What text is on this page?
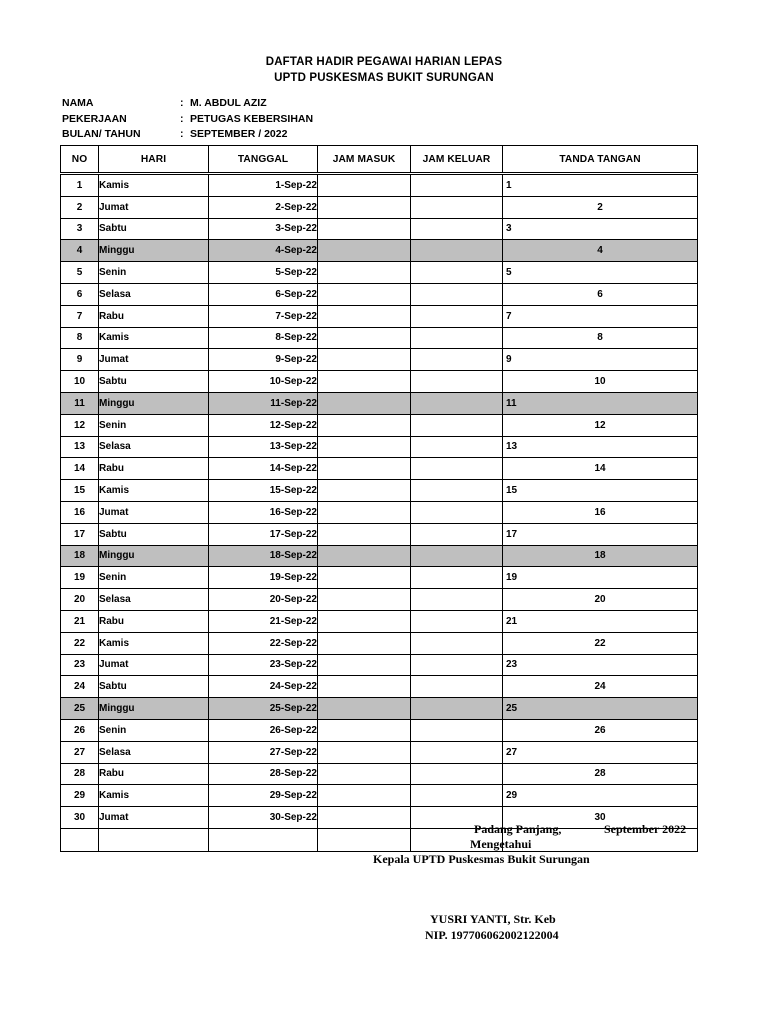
DAFTAR HADIR PEGAWAI HARIAN LEPAS
UPTD PUSKESMAS BUKIT SURUNGAN
NAMA	: M. ABDUL AZIZ
PEKERJAAN	: PETUGAS KEBERSIHAN
BULAN/ TAHUN	: SEPTEMBER / 2022
NO	HARI	TANGGAL	JAM MASUK	JAM KELUAR	TANDA TANGAN
1	Kamis	1-Sep-22			1
2	Jumat	2-Sep-22			2
3	Sabtu	3-Sep-22			3
4	Minggu	4-Sep-22			4
5	Senin	5-Sep-22			5
6	Selasa	6-Sep-22			6
7	Rabu	7-Sep-22			7
8	Kamis	8-Sep-22			8
9	Jumat	9-Sep-22			9
10	Sabtu	10-Sep-22			10
11	Minggu	11-Sep-22			11
12	Senin	12-Sep-22			12
13	Selasa	13-Sep-22			13
14	Rabu	14-Sep-22			14
15	Kamis	15-Sep-22			15
16	Jumat	16-Sep-22			16
17	Sabtu	17-Sep-22			17
18	Minggu	18-Sep-22			18
19	Senin	19-Sep-22			19
20	Selasa	20-Sep-22			20
21	Rabu	21-Sep-22			21
22	Kamis	22-Sep-22			22
23	Jumat	23-Sep-22			23
24	Sabtu	24-Sep-22			24
25	Minggu	25-Sep-22			25
26	Senin	26-Sep-22			26
27	Selasa	27-Sep-22			27
28	Rabu	28-Sep-22			28
29	Kamis	29-Sep-22			29
30	Jumat	30-Sep-22			30

Padang Panjang,	September 2022
Mengetahui
Kepala UPTD Puskesmas Bukit Surungan
YUSRI YANTI, Str. Keb
NIP. 197706062002122004
